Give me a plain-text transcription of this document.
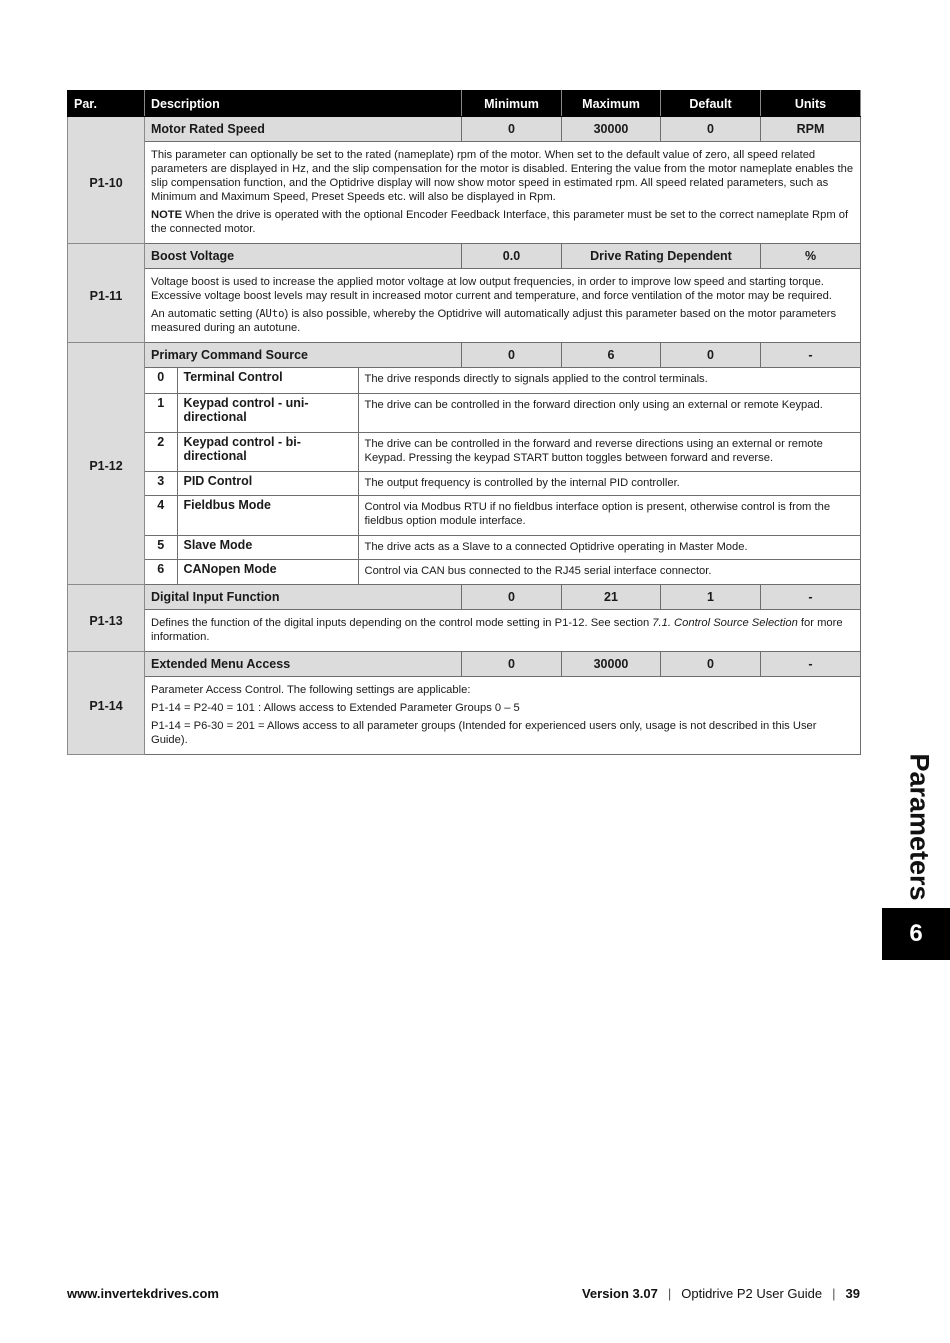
Par.	Description	Minimum	Maximum	Default	Units
P1-10	Motor Rated Speed	0	30000	0	RPM

This parameter can optionally be set to the rated (nameplate) rpm of the motor. When set to the default value of zero, all speed related parameters are displayed in Hz, and the slip compensation for the motor is disabled. Entering the value from the motor nameplate enables the slip compensation function, and the Optidrive display will now show motor speed in estimated rpm. All speed related parameters, such as Minimum and Maximum Speed, Preset Speeds etc. will also be displayed in Rpm.

NOTE When the drive is operated with the optional Encoder Feedback Interface, this parameter must be set to the correct nameplate Rpm of the connected motor.

P1-11	Boost Voltage	0.0	Drive Rating Dependent	%

Voltage boost is used to increase the applied motor voltage at low output frequencies, in order to improve low speed and starting torque. Excessive voltage boost levels may result in increased motor current and temperature, and force ventilation of the motor may be required.

An automatic setting (AUto) is also possible, whereby the Optidrive will automatically adjust this parameter based on the motor parameters measured during an autotune.

P1-12	Primary Command Source	0	6	0	-

0	Terminal Control	The drive responds directly to signals applied to the control terminals.
1	Keypad control - uni-directional	The drive can be controlled in the forward direction only using an external or remote Keypad.
2	Keypad control - bi-directional	The drive can be controlled in the forward and reverse directions using an external or remote Keypad. Pressing the keypad START button toggles between forward and reverse.
3	PID Control	The output frequency is controlled by the internal PID controller.
4	Fieldbus Mode	Control via Modbus RTU if no fieldbus interface option is present, otherwise control is from the fieldbus option module interface.
5	Slave Mode	The drive acts as a Slave to a connected Optidrive operating in Master Mode.
6	CANopen Mode	Control via CAN bus connected to the RJ45 serial interface connector.

P1-13	Digital Input Function	0	21	1	-

Defines the function of the digital inputs depending on the control mode setting in P1-12. See section 7.1. Control Source Selection for more information.

P1-14	Extended Menu Access	0	30000	0	-

Parameter Access Control. The following settings are applicable:

P1-14 = P2-40 = 101 : Allows access to Extended Parameter Groups 0 – 5

P1-14 = P6-30 = 201 = Allows access to all parameter groups (Intended for experienced users only, usage is not described in this User Guide).

Parameters
6
www.invertekdrives.com	Version 3.07 | Optidrive P2 User Guide | 39
